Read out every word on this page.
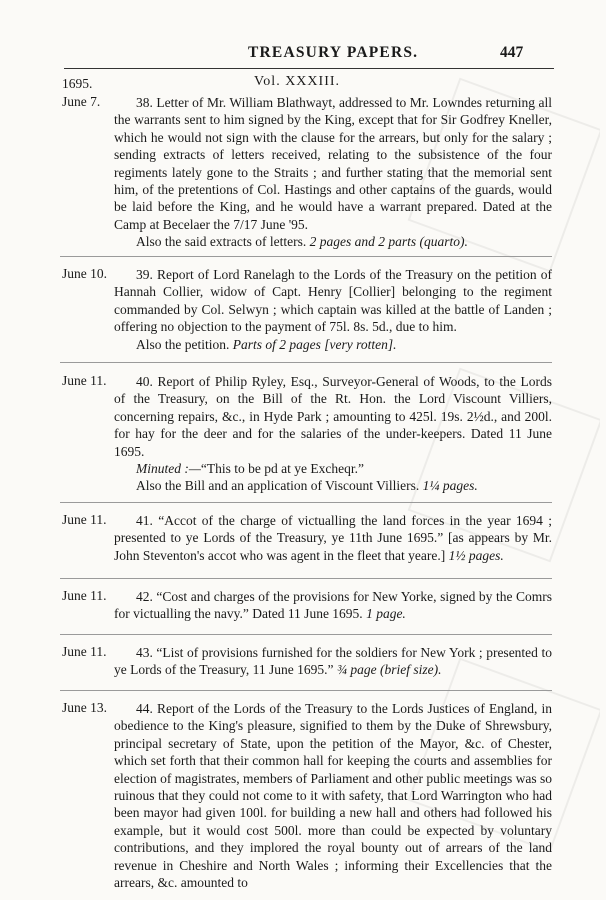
TREASURY PAPERS.	447
1695.	Vol. XXXIII.
June 7.	38. Letter of Mr. William Blathwayt, addressed to Mr. Lowndes returning all the warrants sent to him signed by the King, except that for Sir Godfrey Kneller, which he would not sign with the clause for the arrears, but only for the salary ; sending extracts of letters received, relating to the subsistence of the four regiments lately gone to the Straits ; and further stating that the memorial sent him, of the pretentions of Col. Hastings and other captains of the guards, would be laid before the King, and he would have a warrant prepared. Dated at the Camp at Becelaer the 7/17 June '95.

Also the said extracts of letters. 2 pages and 2 parts (quarto).

June 10.	39. Report of Lord Ranelagh to the Lords of the Treasury on the petition of Hannah Collier, widow of Capt. Henry [Collier] belonging to the regiment commanded by Col. Selwyn ; which captain was killed at the battle of Landen ; offering no objection to the payment of 75l. 8s. 5d., due to him.

Also the petition. Parts of 2 pages [very rotten].

June 11.	40. Report of Philip Ryley, Esq., Surveyor-General of Woods, to the Lords of the Treasury, on the Bill of the Rt. Hon. the Lord Viscount Villiers, concerning repairs, &c., in Hyde Park ; amounting to 425l. 19s. 2½d., and 200l. for hay for the deer and for the salaries of the under-keepers. Dated 11 June 1695.

Minuted :—“This to be pd at ye Excheqr.”

Also the Bill and an application of Viscount Villiers. 1¼ pages.

June 11.	41. “Accot of the charge of victualling the land forces in the year 1694 ; presented to ye Lords of the Treasury, ye 11th June 1695.” [as appears by Mr. John Steventon's accot who was agent in the fleet that yeare.] 1½ pages.

June 11.	42. “Cost and charges of the provisions for New Yorke, signed by the Comrs for victualling the navy.” Dated 11 June 1695. 1 page.

June 11.	43. “List of provisions furnished for the soldiers for New York ; presented to ye Lords of the Treasury, 11 June 1695.” ¾ page (brief size).

June 13.	44. Report of the Lords of the Treasury to the Lords Justices of England, in obedience to the King's pleasure, signified to them by the Duke of Shrewsbury, principal secretary of State, upon the petition of the Mayor, &c. of Chester, which set forth that their common hall for keeping the courts and assemblies for election of magistrates, members of Parliament and other public meetings was so ruinous that they could not come to it with safety, that Lord Warrington who had been mayor had given 100l. for building a new hall and others had followed his example, but it would cost 500l. more than could be expected by voluntary contributions, and they implored the royal bounty out of arrears of the land revenue in Cheshire and North Wales ; informing their Excellencies that the arrears, &c. amounted to
